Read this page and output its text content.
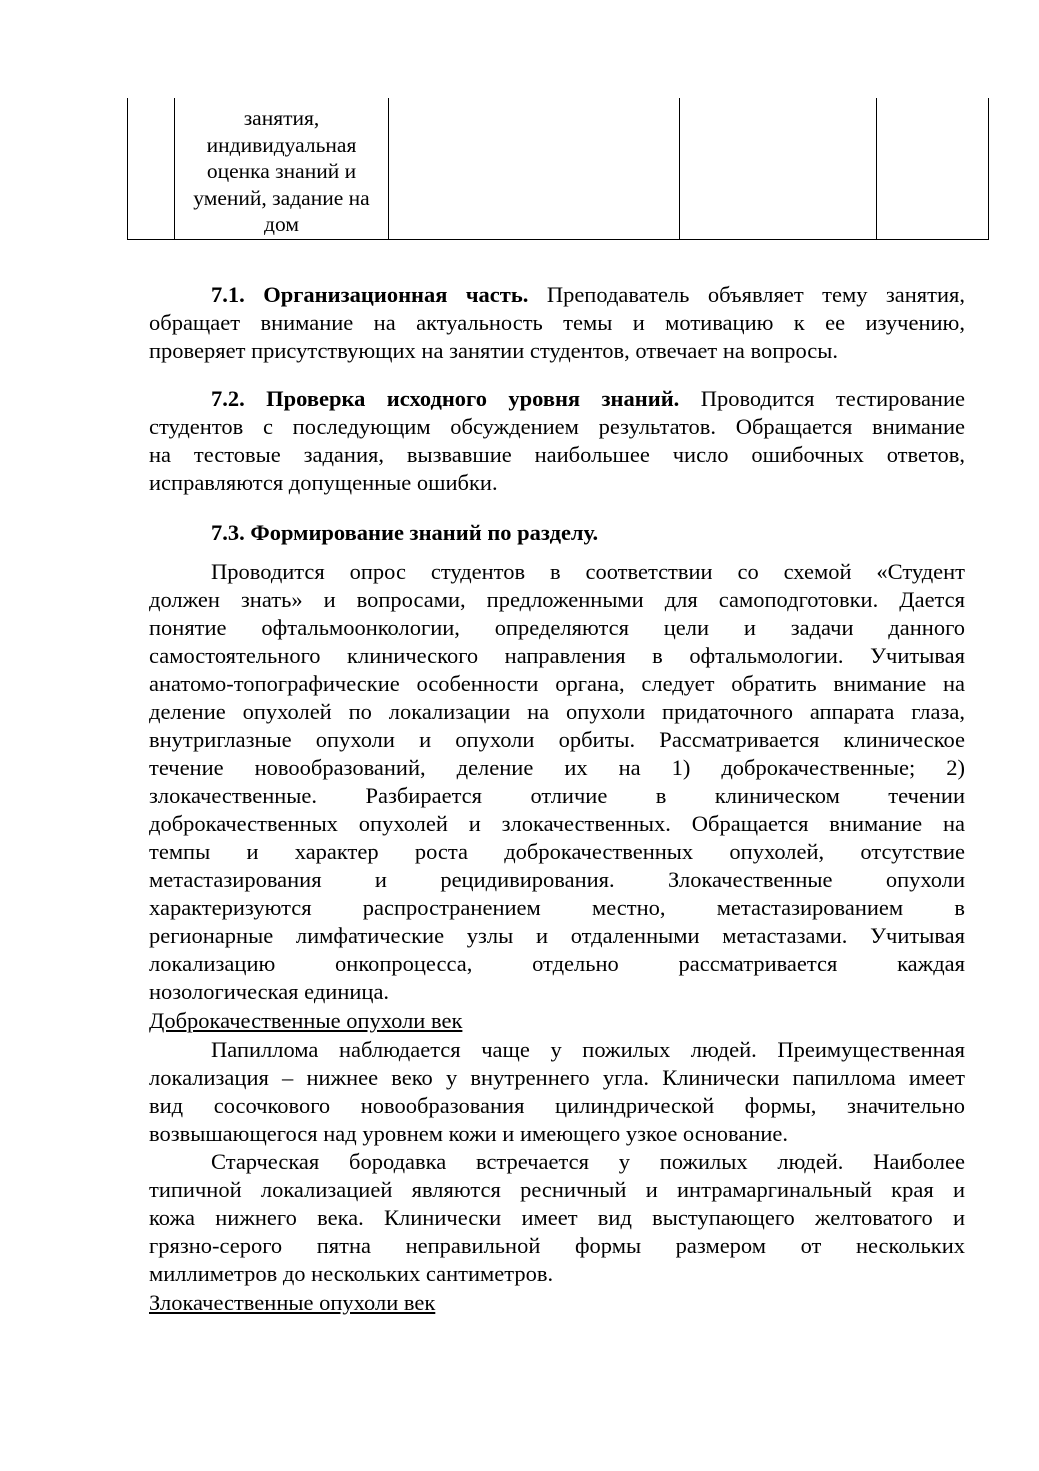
занятия,
индивидуальная
оценка знаний и
умений, задание на
дом

7.1. Организационная часть. Преподаватель объявляет тему занятия,
обращает внимание на актуальность темы и мотивацию к ее изучению,
проверяет присутствующих на занятии студентов, отвечает на вопросы.
7.2. Проверка исходного уровня знаний. Проводится тестирование
студентов с последующим обсуждением результатов. Обращается внимание
на тестовые задания, вызвавшие наибольшее число ошибочных ответов,
исправляются допущенные ошибки.
7.3. Формирование знаний по разделу.
Проводится опрос студентов в соответствии со схемой «Студент
должен знать» и вопросами, предложенными для самоподготовки. Дается
понятие офтальмоонкологии, определяются цели и задачи данного
самостоятельного клинического направления в офтальмологии. Учитывая
анатомо-топографические особенности органа, следует обратить внимание на
деление опухолей по локализации на опухоли придаточного аппарата глаза,
внутриглазные опухоли и опухоли орбиты. Рассматривается клиническое
течение новообразований, деление их на 1) доброкачественные; 2)
злокачественные. Разбирается отличие в клиническом течении
доброкачественных опухолей и злокачественных. Обращается внимание на
темпы и характер роста доброкачественных опухолей, отсутствие
метастазирования и рецидивирования. Злокачественные опухоли
характеризуются распространением местно, метастазированием в
регионарные лимфатические узлы и отдаленными метастазами. Учитывая
локализацию онкопроцесса, отдельно рассматривается каждая
нозологическая единица.
Доброкачественные опухоли век
Папиллома наблюдается чаще у пожилых людей. Преимущественная
локализация – нижнее веко у внутреннего угла. Клинически папиллома имеет
вид сосочкового новообразования цилиндрической формы, значительно
возвышающегося над уровнем кожи и имеющего узкое основание.
Старческая бородавка встречается у пожилых людей. Наиболее
типичной локализацией являются ресничный и интрамаргинальный края и
кожа нижнего века. Клинически имеет вид выступающего желтоватого и
грязно-серого пятна неправильной формы размером от нескольких
миллиметров до нескольких сантиметров.
Злокачественные опухоли век
